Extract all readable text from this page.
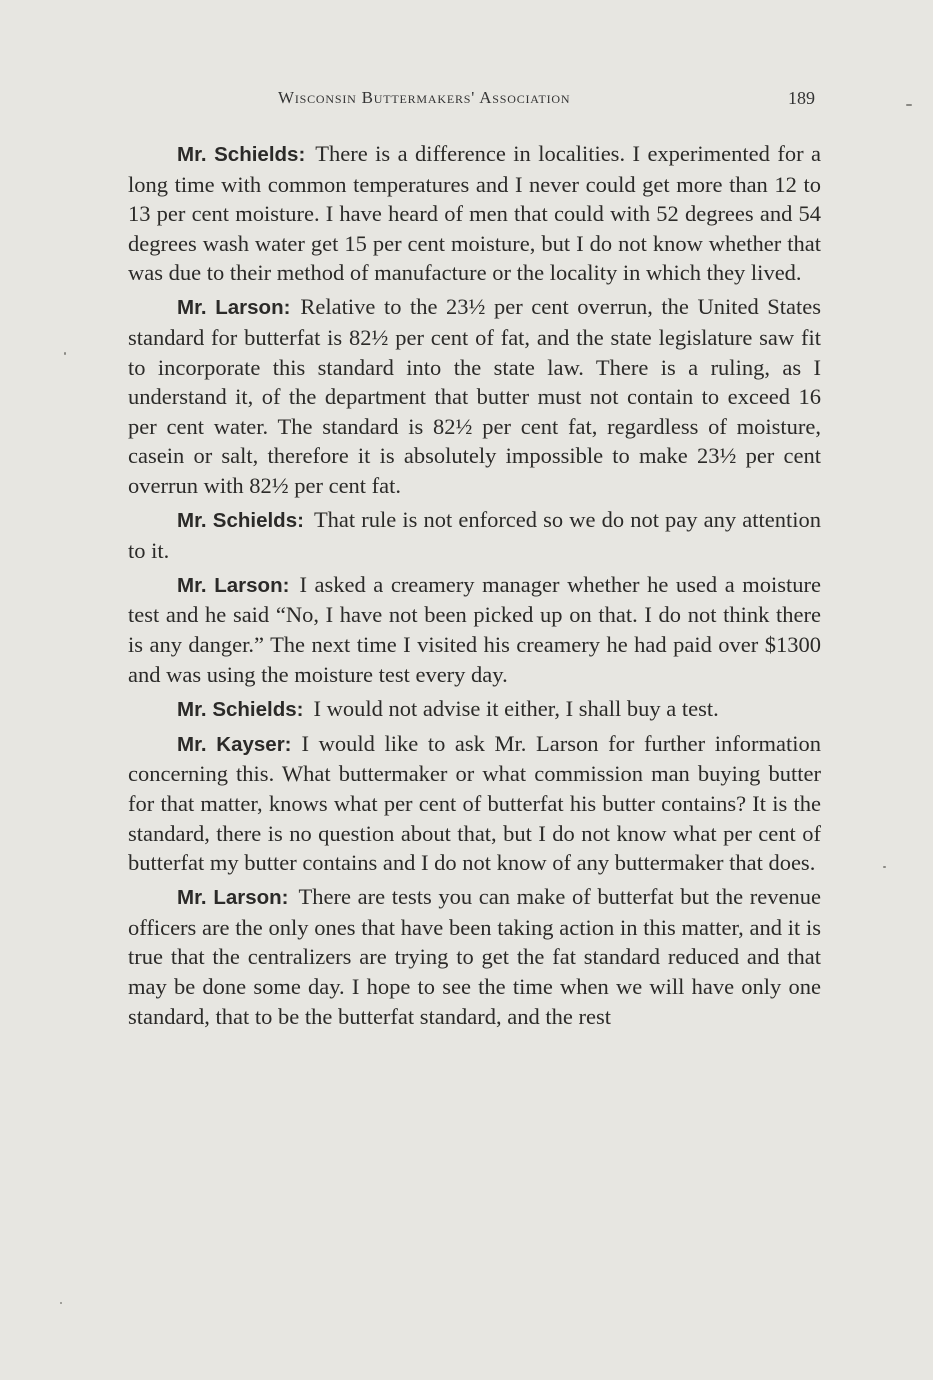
Wisconsin Buttermakers' Association	189

Mr. Schields: There is a difference in localities. I experimented for a long time with common temperatures and I never could get more than 12 to 13 per cent moisture. I have heard of men that could with 52 degrees and 54 degrees wash water get 15 per cent moisture, but I do not know whether that was due to their method of manufacture or the locality in which they lived.

Mr. Larson: Relative to the 23½ per cent overrun, the United States standard for butterfat is 82½ per cent of fat, and the state legislature saw fit to incorporate this standard into the state law. There is a ruling, as I understand it, of the department that butter must not contain to exceed 16 per cent water. The standard is 82½ per cent fat, regardless of moisture, casein or salt, therefore it is absolutely impossible to make 23½ per cent overrun with 82½ per cent fat.

Mr. Schields: That rule is not enforced so we do not pay any attention to it.

Mr. Larson: I asked a creamery manager whether he used a moisture test and he said “No, I have not been picked up on that. I do not think there is any danger.” The next time I visited his creamery he had paid over $1300 and was using the moisture test every day.

Mr. Schields: I would not advise it either, I shall buy a test.

Mr. Kayser: I would like to ask Mr. Larson for further information concerning this. What buttermaker or what commission man buying butter for that matter, knows what per cent of butterfat his butter contains? It is the standard, there is no question about that, but I do not know what per cent of butterfat my butter contains and I do not know of any buttermaker that does.

Mr. Larson: There are tests you can make of butterfat but the revenue officers are the only ones that have been taking action in this matter, and it is true that the centralizers are trying to get the fat standard reduced and that may be done some day. I hope to see the time when we will have only one standard, that to be the butterfat standard, and the rest
